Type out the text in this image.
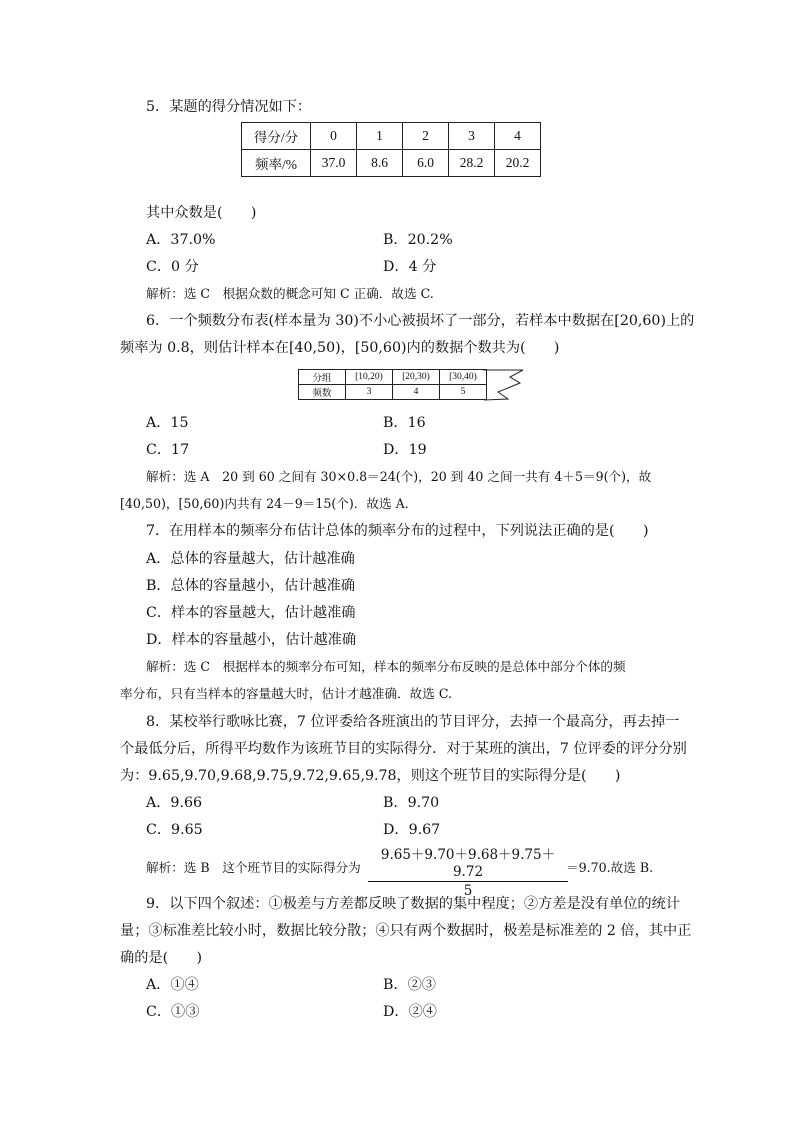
5．某题的得分情况如下：
得分/分	0	1	2	3	4
频率/%	37.0	8.6	6.0	28.2	20.2
其中众数是(　　)
A．37.0%	B．20.2%
C．0 分	D．4 分
解析：选 C　根据众数的概念可知 C 正确．故选 C.
6．一个频数分布表(样本量为 30)不小心被损坏了一部分，若样本中数据在[20,60)上的
频率为 0.8，则估计样本在[40,50)，[50,60)内的数据个数共为(　　)
分组	[10,20)	[20,30)	[30,40)
频数	3	4	5
A．15	B．16
C．17	D．19
解析：选 A　20 到 60 之间有 30×0.8＝24(个)，20 到 40 之间一共有 4＋5＝9(个)，故
[40,50)，[50,60)内共有 24－9＝15(个)．故选 A.
7．在用样本的频率分布估计总体的频率分布的过程中，下列说法正确的是(　　)
A．总体的容量越大，估计越准确
B．总体的容量越小，估计越准确
C．样本的容量越大，估计越准确
D．样本的容量越小，估计越准确
解析：选 C　根据样本的频率分布可知，样本的频率分布反映的是总体中部分个体的频
率分布，只有当样本的容量越大时，估计才越准确．故选 C.
8．某校举行歌咏比赛，7 位评委给各班演出的节目评分，去掉一个最高分，再去掉一
个最低分后，所得平均数作为该班节目的实际得分．对于某班的演出，7 位评委的评分分别
为：9.65,9.70,9.68,9.75,9.72,9.65,9.78，则这个班节目的实际得分是(　　)
A．9.66	B．9.70
C．9.65	D．9.67
解析：选 B　这个班节目的实际得分为 $\frac{9.65+9.70+9.68+9.75+9.72}{5}$
＝9.70.故选 B.
9．以下四个叙述：①极差与方差都反映了数据的集中程度；②方差是没有单位的统计
量；③标准差比较小时，数据比较分散；④只有两个数据时，极差是标准差的 2 倍，其中正
确的是(　　)
A．①④	B．②③
C．①③	D．②④
